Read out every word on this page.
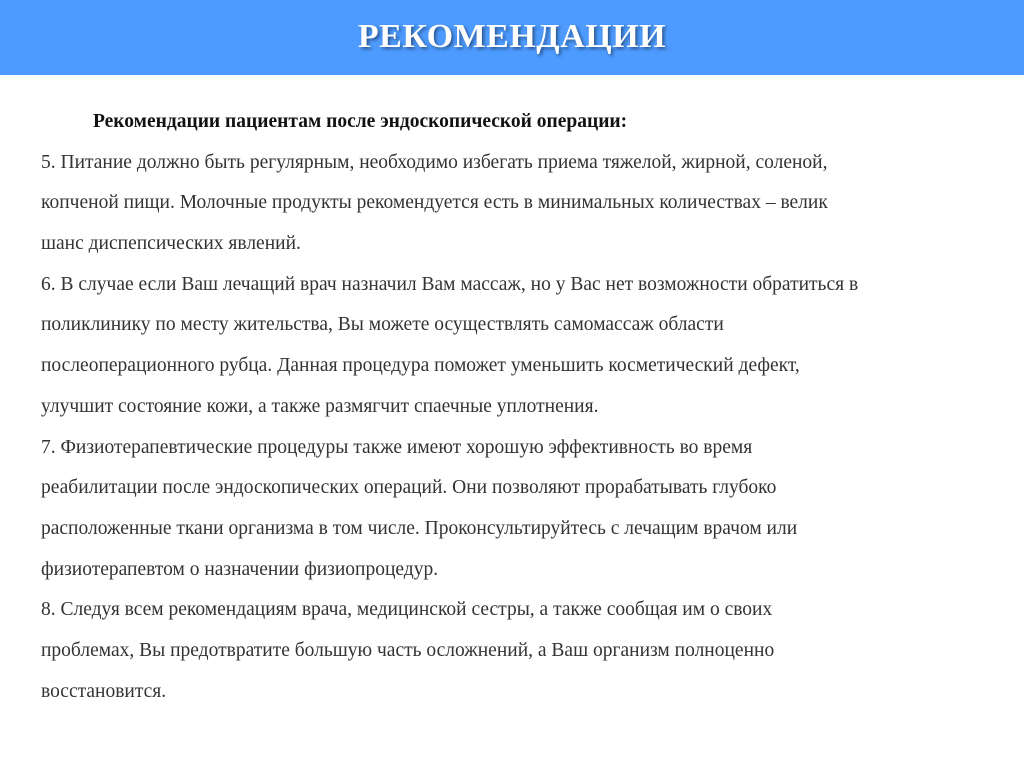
РЕКОМЕНДАЦИИ
Рекомендации пациентам после эндоскопической операции:
5. Питание должно быть регулярным, необходимо избегать приема тяжелой, жирной, соленой,
копченой пищи. Молочные продукты рекомендуется есть в минимальных количествах – велик
шанс диспепсических явлений.
6. В случае если Ваш лечащий врач назначил Вам массаж, но у Вас нет возможности обратиться в
поликлинику по месту жительства, Вы можете осуществлять самомассаж области
послеоперационного рубца. Данная процедура поможет уменьшить косметический дефект,
улучшит состояние кожи, а также размягчит спаечные уплотнения.
7. Физиотерапевтические процедуры также имеют хорошую эффективность во время
реабилитации после эндоскопических операций. Они позволяют прорабатывать глубоко
расположенные ткани организма в том числе. Проконсультируйтесь с лечащим врачом или
физиотерапевтом о назначении физиопроцедур.
8. Следуя всем рекомендациям врача, медицинской сестры, а также сообщая им о своих
проблемах, Вы предотвратите большую часть осложнений, а Ваш организм полноценно
восстановится.
